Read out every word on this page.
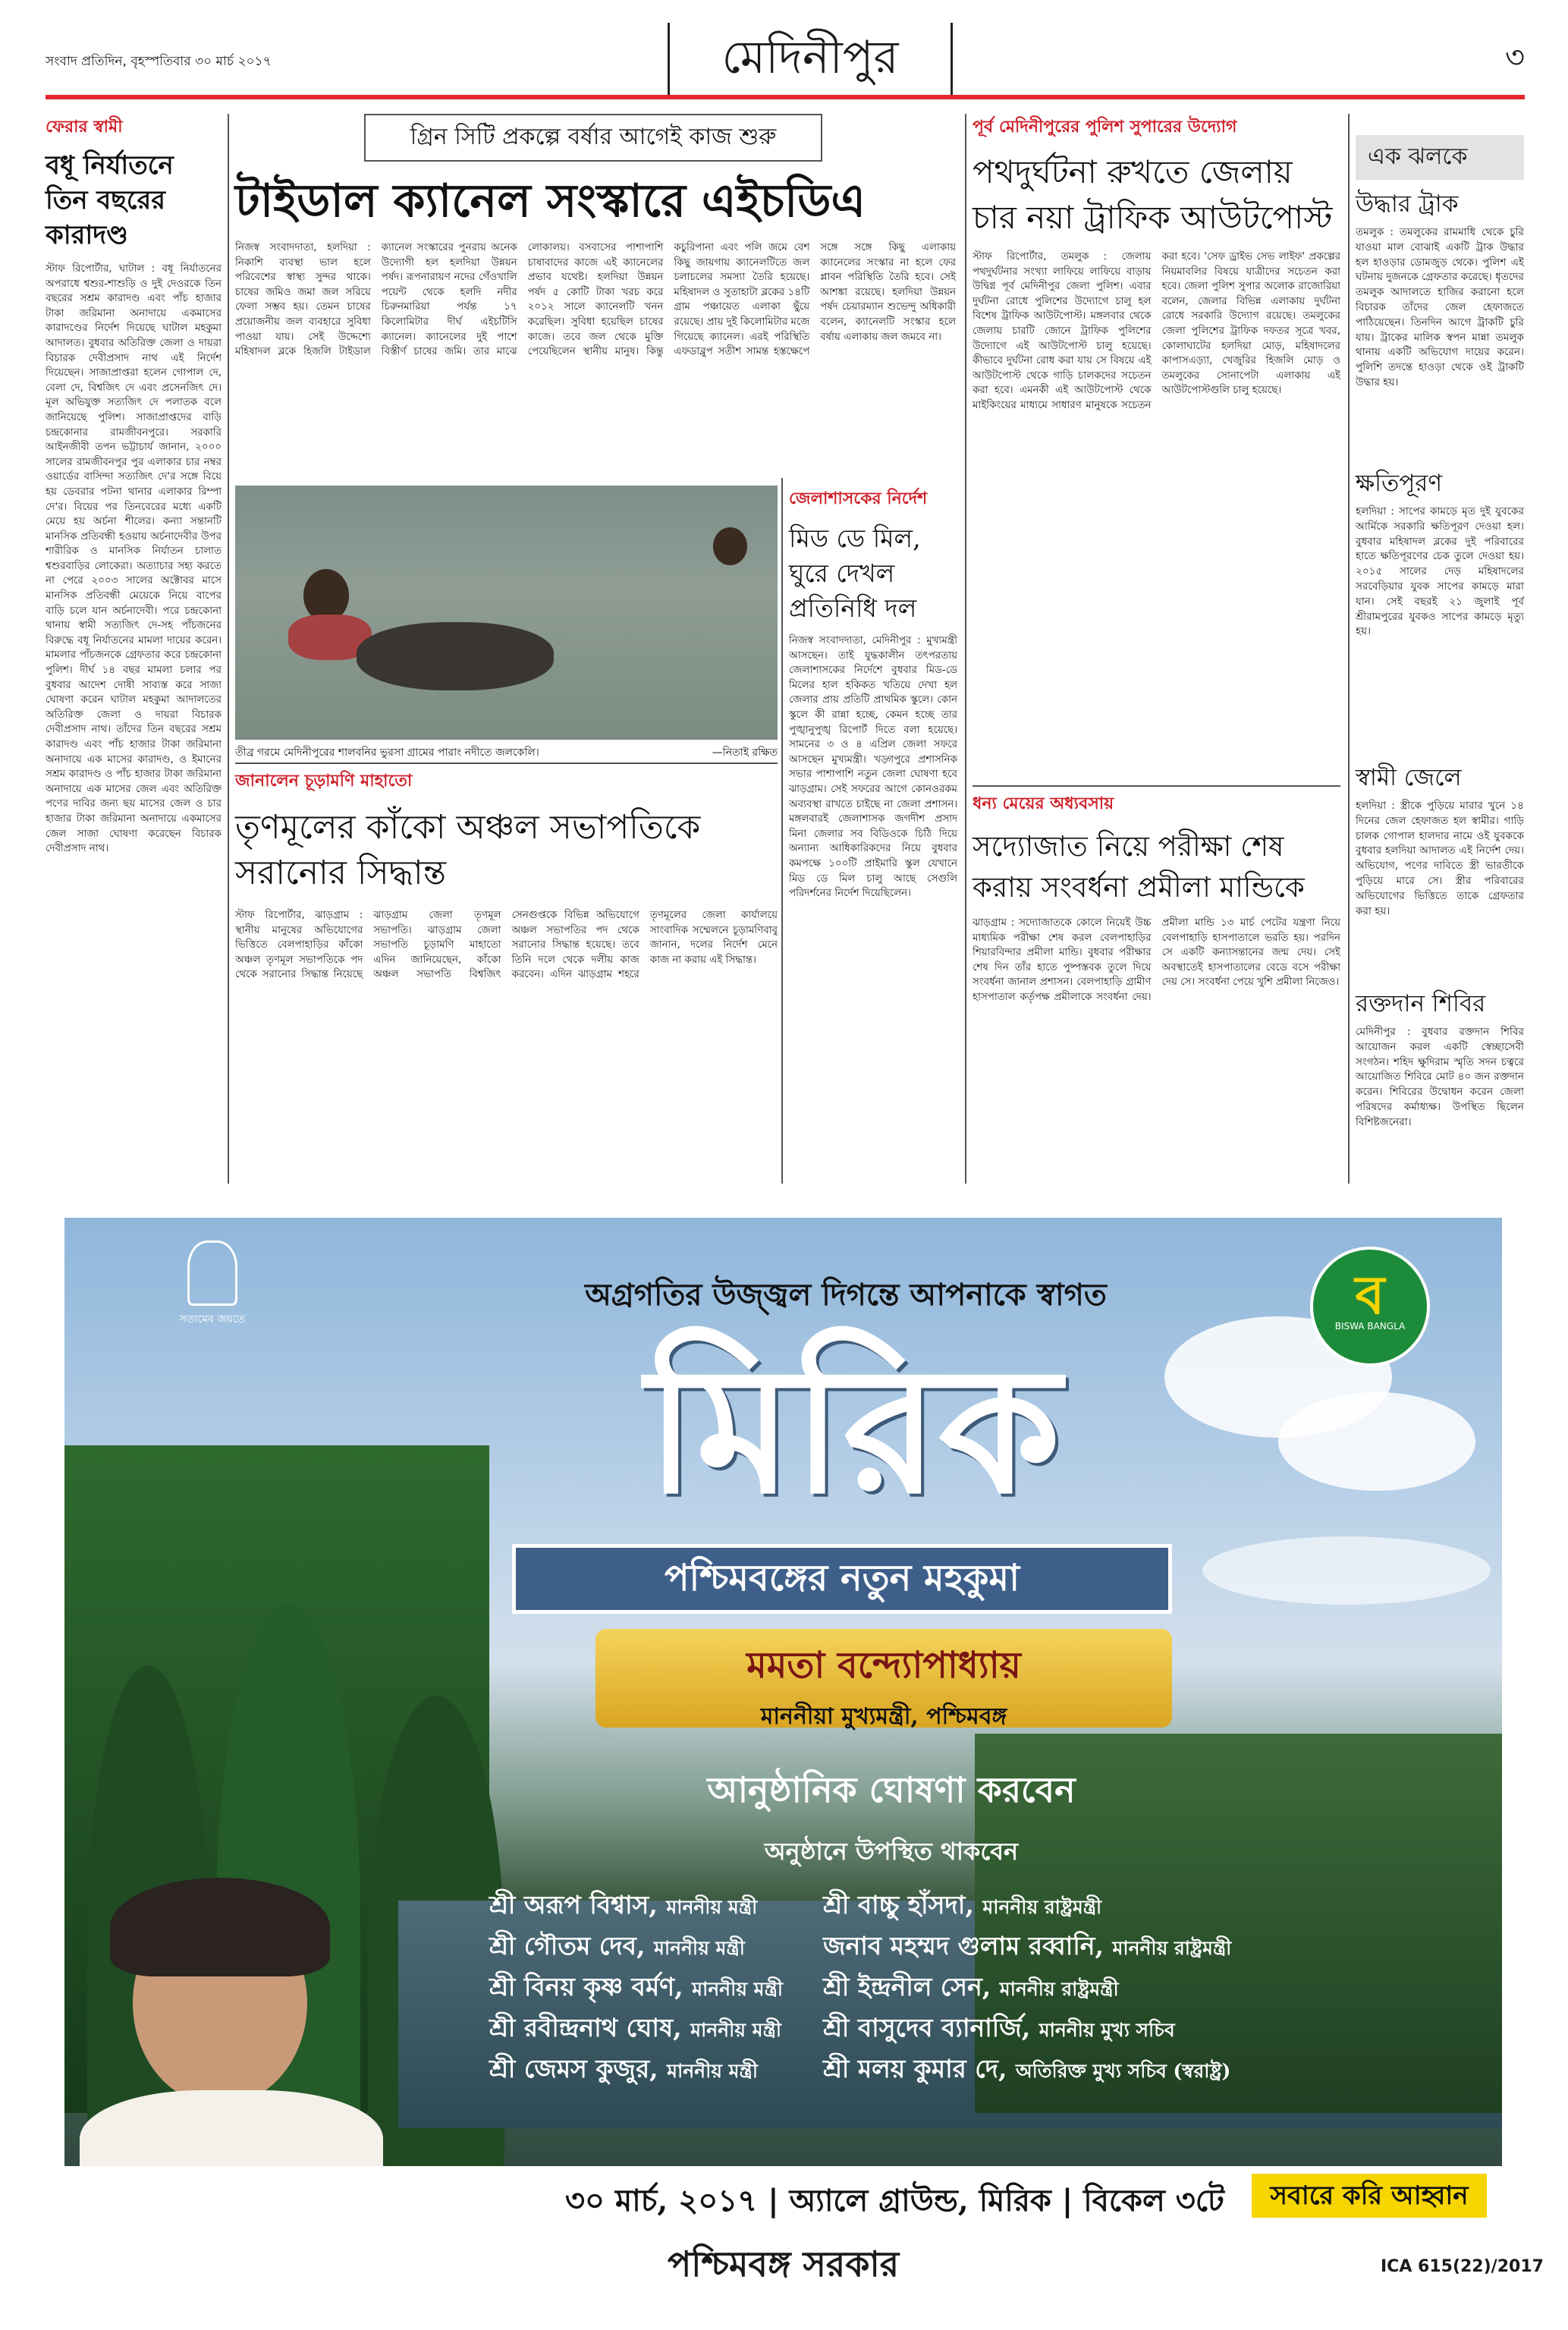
সংবাদ প্রতিদিন, বৃহস্পতিবার ৩০ মার্চ ২০১৭	মেদিনীপুর	৩
ফেরার স্বামী
বধূ নির্যাতনে তিন বছরের কারাদণ্ড
স্টাফ রিপোর্টার, ঘাটাল : বধূ নির্যাতনের অপরাধে শ্বশুর-শাশুড়ি ও দুই দেওরকে তিন বছরের সশ্রম কারাদণ্ড এবং পাঁচ হাজার টাকা জরিমানা অনাদায়ে একমাসের কারাদণ্ডের নির্দেশ দিয়েছে ঘাটাল মহকুমা আদালত। বুধবার অতিরিক্ত জেলা ও দায়রা বিচারক দেবীপ্রসাদ নাথ এই নির্দেশ দিয়েছেন। সাজাপ্রাপ্তরা হলেন গোপাল দে, বেলা দে, বিশ্বজিৎ দে এবং প্রসেনজিৎ দে। মূল অভিযুক্ত সত্যজিৎ দে পলাতক বলে জানিয়েছে পুলিশ। সাজাপ্রাপ্তদের বাড়ি চন্দ্রকোনার রামজীবনপুরে। সরকারি আইনজীবী তপন ভট্টাচার্য জানান, ২০০০ সালের রামজীবনপুর পুর এলাকার চার নম্বর ওয়ার্ডের বাসিন্দা সত্যজিৎ দে'র সঙ্গে বিয়ে হয় ডেবরার পটনা থানার এলাকার রিম্পা দে'র। বিয়ের পর তিনবেরের মধ্যে একটি মেয়ে হয় অর্চনা শীলের। কন্যা সন্তানটি মানসিক প্রতিবন্ধী হওয়ায় অর্চনাদেবীর উপর শারীরিক ও মানসিক নির্যাতন চালাত শ্বশুরবাড়ির লোকেরা। অত্যাচার সহ্য করতে না পেরে ২০০৩ সালের অক্টোবর মাসে মানসিক প্রতিবন্ধী মেয়েকে নিয়ে বাপের বাড়ি চলে যান অর্চনাদেবী। পরে চন্দ্রকোনা থানায় স্বামী সত্যজিৎ দে-সহ পাঁচজনের বিরুদ্ধে বধূ নির্যাতনের মামলা দায়ের করেন। মামলার পাঁচজনকে গ্রেফতার করে চন্দ্রকোনা পুলিশ। দীর্ঘ ১৪ বছর মামলা চলার পর বুধবার আদেশ দোষী সাব্যস্ত করে সাজা ঘোষণা করেন ঘাটাল মহকুমা আদালতের অতিরিক্ত জেলা ও দায়রা বিচারক দেবীপ্রসাদ নাথ। তাঁদের তিন বছরের সশ্রম কারাদণ্ড এবং পাঁচ হাজার টাকা জরিমানা অনাদায়ে এক মাসের কারাদণ্ড, ও ইমানের সশ্রম কারাদণ্ড ও পাঁচ হাজার টাকা জরিমানা অনাদায়ে এক মাসের জেল এবং অতিরিক্ত পণের দাবির জন্য ছয় মাসের জেল ও চার হাজার টাকা জরিমানা অনাদায়ে একমাসের জেল সাজা ঘোষণা করেছেন বিচারক দেবীপ্রসাদ নাথ।
গ্রিন সিটি প্রকল্পে বর্ষার আগেই কাজ শুরু
টাইডাল ক্যানেল সংস্কারে এইচডিএ
নিজস্ব সংবাদদাতা, হলদিয়া : নিকাশি ব্যবস্থা ভাল হলে পরিবেশের স্বাস্থ্য সুন্দর থাকে। চাষের জমিও জমা জল সরিয়ে ফেলা সম্ভব হয়। তেমন চাষের প্রয়োজনীয় জল ব্যবহারে সুবিধা পাওয়া যায়। সেই উদ্দেশ্যে মহিষাদল ব্লকে হিজলি টাইডাল ক্যানেল সংস্কারের পুনরায় অনেক উদ্যোগী হল হলদিয়া উন্নয়ন পর্ষদ। রূপনারায়ণ নদের গেঁওখালি পয়েন্ট থেকে হলদি নদীর চিরুনমারিয়া পর্যন্ত ১৭ কিলোমিটার দীর্ঘ এইচটিসি ক্যানেল। ক্যানেলের দুই পাশে বিস্তীর্ণ চাষের জমি। তার মাঝে লোকালয়। বসবাসের পাশাপাশি চাষাবাদের কাজে এই ক্যানেলের প্রভাব যথেষ্ট। হলদিয়া উন্নয়ন পর্ষদ ৫ কোটি টাকা খরচ করে ২০১২ সালে ক্যানেলটি খনন করেছিল। সুবিধা হয়েছিল চাষের কাজে। তবে জল থেকে মুক্তি পেয়েছিলেন স্থানীয় মানুষ। কিন্তু কচুরিপানা এবং পলি জমে বেশ কিছু জায়গায় ক্যানেলটিতে জল চলাচলের সমস্যা তৈরি হয়েছে। মহিষাদল ও সুতাহাটা ব্লকের ১৪টি গ্রাম পঞ্চায়েত এলাকা ছুঁয়ে রয়েছে। প্রায় দুই কিলোমিটার মজে গিয়েছে ক্যানেল। এরই পরিস্থিতি এফডাব্লুপ সতীশ সামন্ত হস্তক্ষেপে সঙ্গে সঙ্গে কিছু এলাকায় ক্যানেলের সংস্কার না হলে ফের প্লাবন পরিস্থিতি তৈরি হবে। সেই আশঙ্কা রয়েছে। হলদিয়া উন্নয়ন পর্ষদ চেয়ারম্যান শুভেন্দু অধিকারী বলেন, ক্যানেলটি সংস্কার হলে বর্ষায় এলাকায় জল জমবে না।
তীব্র গরমে মেদিনীপুরের শালবনির ভুরসা গ্রামের পারাং নদীতে জলকেলি।	—নিতাই রক্ষিত
জেলাশাসকের নির্দেশ
মিড ডে মিল, ঘুরে দেখল প্রতিনিধি দল
নিজস্ব সংবাদদাতা, মেদিনীপুর : মুখ্যমন্ত্রী আসছেন। তাই যুদ্ধকালীন তৎপরতায় জেলাশাসকের নির্দেশে বুধবার মিড-ডে মিলের হাল হকিকত খতিয়ে দেখা হল জেলার প্রায় প্রতিটি প্রাথমিক স্কুলে। কোন স্কুলে কী রান্না হচ্ছে, কেমন হচ্ছে তার পুঙ্খানুপুঙ্খ রিপোর্ট দিতে বলা হয়েছে। সামনের ৩ ও ৪ এপ্রিল জেলা সফরে আসছেন মুখ্যমন্ত্রী। খড়্গপুরে প্রশাসনিক সভার পাশাপাশি নতুন জেলা ঘোষণা হবে ঝাড়গ্রাম। সেই সফরের আগে কোনওরকম অব্যবস্থা রাখতে চাইছে না জেলা প্রশাসন। মঙ্গলবারই জেলাশাসক জগদীশ প্রসাদ মিনা জেলার সব বিডিওকে চিঠি দিয়ে অন্যান্য আধিকারিকদের নিয়ে বুধবার কমপক্ষে ১০০টি প্রাইমারি স্কুল যেখানে মিড ডে মিল চালু আছে সেগুলি পরিদর্শনের নির্দেশ দিয়েছিলেন।
জানালেন চূড়ামণি মাহাতো
তৃণমূলের কাঁকো অঞ্চল সভাপতিকে সরানোর সিদ্ধান্ত
স্টাফ রিপোর্টার, ঝাড়গ্রাম : স্থানীয় মানুষের অভিযোগের ভিত্তিতে বেলপাহাড়ির কাঁকো অঞ্চল তৃণমূল সভাপতিকে পদ থেকে সরানোর সিদ্ধান্ত নিয়েছে ঝাড়গ্রাম জেলা তৃণমূল সভাপতি। ঝাড়গ্রাম জেলা সভাপতি চূড়ামণি মাহাতো এদিন জানিয়েছেন, কাঁকো অঞ্চল সভাপতি বিশ্বজিৎ সেনগুপ্তকে বিভিন্ন অভিযোগে অঞ্চল সভাপতির পদ থেকে সরানোর সিদ্ধান্ত হয়েছে। তবে তিনি দলে থেকে দলীয় কাজ করবেন। এদিন ঝাড়গ্রাম শহরে তৃণমূলের জেলা কার্যালয়ে সাংবাদিক সম্মেলনে চূড়ামণিবাবু জানান, দলের নির্দেশ মেনে কাজ না করায় এই সিদ্ধান্ত।
পূর্ব মেদিনীপুরের পুলিশ সুপারের উদ্যোগ
পথদুর্ঘটনা রুখতে জেলায় চার নয়া ট্রাফিক আউটপোস্ট
স্টাফ রিপোর্টার, তমলুক : জেলায় পথদুর্ঘটনার সংখ্যা লাফিয়ে লাফিয়ে বাড়ায় উদ্বিগ্ন পূর্ব মেদিনীপুর জেলা পুলিশ। এবার দুর্ঘটনা রোধে পুলিশের উদ্যোগে চালু হল বিশেষ ট্রাফিক আউটপোস্ট। মঙ্গলবার থেকে জেলায় চারটি জোনে ট্রাফিক পুলিশের উদ্যোগে এই আউটপোস্ট চালু হয়েছে। কীভাবে দুর্ঘটনা রোধ করা যায় সে বিষয়ে এই আউটপোস্ট থেকে গাড়ি চালকদের সচেতন করা হবে। এমনকী এই আউটপোস্ট থেকে মাইকিংয়ের মাধ্যমে সাধারণ মানুষকে সচেতন করা হবে। 'সেফ ড্রাইভ সেভ লাইফ' প্রকল্পের নিয়মাবলির বিষয়ে যাত্রীদের সচেতন করা হবে। জেলা পুলিশ সুপার অলোক রাজোরিয়া বলেন, জেলার বিভিন্ন এলাকায় দুর্ঘটনা রোধে সরকারি উদ্যোগ রয়েছে। তমলুকের জেলা পুলিশের ট্রাফিক দফতর সূত্রে খবর, কোলাঘাটের হলদিয়া মোড়, মহিষাদলের কাপাসএড়্যা, খেজুরির হিজলি মোড় ও তমলুকের সোনাপেটা এলাকায় এই আউটপোস্টগুলি চালু হয়েছে।
ধন্য মেয়ের অধ্যবসায়
সদ্যোজাত নিয়ে পরীক্ষা শেষ করায় সংবর্ধনা প্রমীলা মান্ডিকে
ঝাড়গ্রাম : সদ্যোজাতকে কোলে নিয়েই উচ্চ মাধ্যমিক পরীক্ষা শেষ করল বেলপাহাড়ির শিয়ারবিন্দার প্রমীলা মান্ডি। বুধবার পরীক্ষার শেষ দিন তাঁর হাতে পুষ্পস্তবক তুলে দিয়ে সংবর্ধনা জানাল প্রশাসন। বেলপাহাড়ি গ্রামীণ হাসপাতাল কর্তৃপক্ষ প্রমীলাকে সংবর্ধনা দেয়। প্রমীলা মান্ডি ১৩ মার্চ পেটের যন্ত্রণা নিয়ে বেলপাহাড়ি হাসপাতালে ভরতি হয়। পরদিন সে একটি কন্যাসন্তানের জন্ম দেয়। সেই অবস্থাতেই হাসপাতালের বেডে বসে পরীক্ষা দেয় সে। সংবর্ধনা পেয়ে খুশি প্রমীলা নিজেও।
এক ঝলকে
উদ্ধার ট্রাক
তমলুক : তমলুকের রামমাধি থেকে চুরি যাওয়া মাল বোঝাই একটি ট্রাক উদ্ধার হল হাওড়ার ডোমজুড় থেকে। পুলিশ এই ঘটনায় দুজনকে গ্রেফতার করেছে। ধৃতদের তমলুক আদালতে হাজির করানো হলে বিচারক তাঁদের জেল হেফাজতে পাঠিয়েছেন। তিনদিন আগে ট্রাকটি চুরি যায়। ট্রাকের মালিক স্বপন মান্না তমলুক থানায় একটি অভিযোগ দায়ের করেন। পুলিশি তদন্তে হাওড়া থেকে ওই ট্রাকটি উদ্ধার হয়।
ক্ষতিপূরণ
হলদিয়া : সাপের কামড়ে মৃত দুই যুবকের আর্মিকে সরকারি ক্ষতিপূরণ দেওয়া হল। বুধবার মহিষাদল ব্লকের দুই পরিবারের হাতে ক্ষতিপূরণের চেক তুলে দেওয়া হয়। ২০১৫ সালের দেড় মহিষাদলের সরবেড়িয়ার যুবক সাপের কামড়ে মারা যান। সেই বছরই ২১ জুলাই পূর্ব শ্রীরামপুরের যুবকও সাপের কামড়ে মৃত্যু হয়।
স্বামী জেলে
হলদিয়া : স্ত্রীকে পুড়িয়ে মারার খুনে ১৪ দিনের জেল হেফাজত হল স্বামীর। গাড়ি চালক গোপাল হালদার নামে ওই যুবককে বুধবার হলদিয়া আদালত এই নির্দেশ দেয়। অভিযোগ, পণের দাবিতে স্ত্রী ভারতীকে পুড়িয়ে মারে সে। স্ত্রীর পরিবারের অভিযোগের ভিত্তিতে তাকে গ্রেফতার করা হয়।
রক্তদান শিবির
মেদিনীপুর : বুধবার রক্তদান শিবির আয়োজন করল একটি স্বেচ্ছাসেবী সংগঠন। শহিদ ক্ষুদিরাম স্মৃতি সদন চত্বরে আয়োজিত শিবিরে মোট ৪০ জন রক্তদান করেন। শিবিরের উদ্বোধন করেন জেলা পরিষদের কর্মাধ্যক্ষ। উপস্থিত ছিলেন বিশিষ্টজনেরা।
সত্যমেব জয়তে	ব
BISWA BANGLA
অগ্রগতির উজ্জ্বল দিগন্তে আপনাকে স্বাগত
মিরিক
পশ্চিমবঙ্গের নতুন মহকুমা
মমতা বন্দ্যোপাধ্যায়
মাননীয়া মুখ্যমন্ত্রী, পশ্চিমবঙ্গ
আনুষ্ঠানিক ঘোষণা করবেন
অনুষ্ঠানে উপস্থিত থাকবেন
শ্রী অরূপ বিশ্বাস, মাননীয় মন্ত্রী
শ্রী গৌতম দেব, মাননীয় মন্ত্রী
শ্রী বিনয় কৃষ্ণ বর্মণ, মাননীয় মন্ত্রী
শ্রী রবীন্দ্রনাথ ঘোষ, মাননীয় মন্ত্রী
শ্রী জেমস কুজুর, মাননীয় মন্ত্রী
শ্রী বাচ্চু হাঁসদা, মাননীয় রাষ্ট্রমন্ত্রী
জনাব মহম্মদ গুলাম রব্বানি, মাননীয় রাষ্ট্রমন্ত্রী
শ্রী ইন্দ্রনীল সেন, মাননীয় রাষ্ট্রমন্ত্রী
শ্রী বাসুদেব ব্যানার্জি, মাননীয় মুখ্য সচিব
শ্রী মলয় কুমার দে, অতিরিক্ত মুখ্য সচিব (স্বরাষ্ট্র)
৩০ মার্চ, ২০১৭ | অ্যালে গ্রাউন্ড, মিরিক | বিকেল ৩টে	সবারে করি আহ্বান
পশ্চিমবঙ্গ সরকার	ICA 615(22)/2017
